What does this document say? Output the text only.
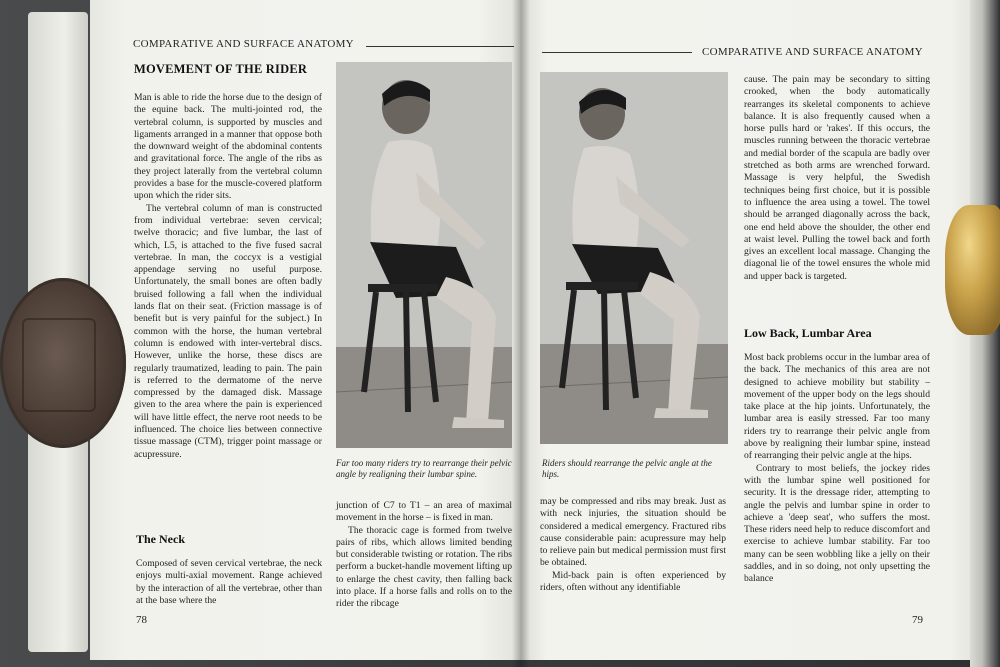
COMPARATIVE AND SURFACE ANATOMY
MOVEMENT OF THE RIDER

Man is able to ride the horse due to the design of the equine back. The multi-jointed rod, the vertebral column, is supported by muscles and ligaments arranged in a manner that oppose both the downward weight of the abdominal contents and gravitational force. The angle of the ribs as they project laterally from the vertebral column provides a base for the muscle-covered platform upon which the rider sits.

The vertebral column of man is constructed from individual vertebrae: seven cervical; twelve thoracic; and five lumbar, the last of which, L5, is attached to the five fused sacral vertebrae. In man, the coccyx is a vestigial appendage serving no useful purpose. Unfortunately, the small bones are often badly bruised following a fall when the individual lands flat on their seat. (Friction massage is of benefit but is very painful for the subject.) In common with the horse, the human vertebral column is endowed with inter-vertebral discs. However, unlike the horse, these discs are regularly traumatized, leading to pain. The pain is referred to the dermatome of the nerve compressed by the damaged disk. Massage given to the area where the pain is experienced will have little effect, the nerve root needs to be influenced. The choice lies between connective tissue massage (CTM), trigger point massage or acupressure.

The Neck

Composed of seven cervical vertebrae, the neck enjoys multi-axial movement. Range achieved by the interaction of all the vertebrae, other than at the base where the

Far too many riders try to rearrange their pelvic angle by realigning their lumbar spine.

junction of C7 to T1 – an area of maximal movement in the horse – is fixed in man.

The thoracic cage is formed from twelve pairs of ribs, which allows limited bending but considerable twisting or rotation. The ribs perform a bucket-handle movement lifting up to enlarge the chest cavity, then falling back into place. If a horse falls and rolls on to the rider the ribcage

78
COMPARATIVE AND SURFACE ANATOMY
Riders should rearrange the pelvic angle at the hips.

may be compressed and ribs may break. Just as with neck injuries, the situation should be considered a medical emergency. Fractured ribs cause considerable pain: acupressure may help to relieve pain but medical permission must first be obtained.

Mid-back pain is often experienced by riders, often without any identifiable

cause. The pain may be secondary to sitting crooked, when the body automatically rearranges its skeletal components to achieve balance. It is also frequently caused when a horse pulls hard or 'rakes'. If this occurs, the muscles running between the thoracic vertebrae and medial border of the scapula are badly over stretched as both arms are wrenched forward. Massage is very helpful, the Swedish techniques being first choice, but it is possible to influence the area using a towel. The towel should be arranged diagonally across the back, one end held above the shoulder, the other end at waist level. Pulling the towel back and forth gives an excellent local massage. Changing the diagonal lie of the towel ensures the whole mid and upper back is targeted.

Low Back, Lumbar Area

Most back problems occur in the lumbar area of the back. The mechanics of this area are not designed to achieve mobility but stability – movement of the upper body on the legs should take place at the hip joints. Unfortunately, the lumbar area is easily stressed. Far too many riders try to rearrange their pelvic angle from above by realigning their lumbar spine, instead of rearranging their pelvic angle at the hips.

Contrary to most beliefs, the jockey rides with the lumbar spine well positioned for security. It is the dressage rider, attempting to angle the pelvis and lumbar spine in order to achieve a 'deep seat', who suffers the most. These riders need help to reduce discomfort and exercise to achieve lumbar stability. Far too many can be seen wobbling like a jelly on their saddles, and in so doing, not only upsetting the balance

79
